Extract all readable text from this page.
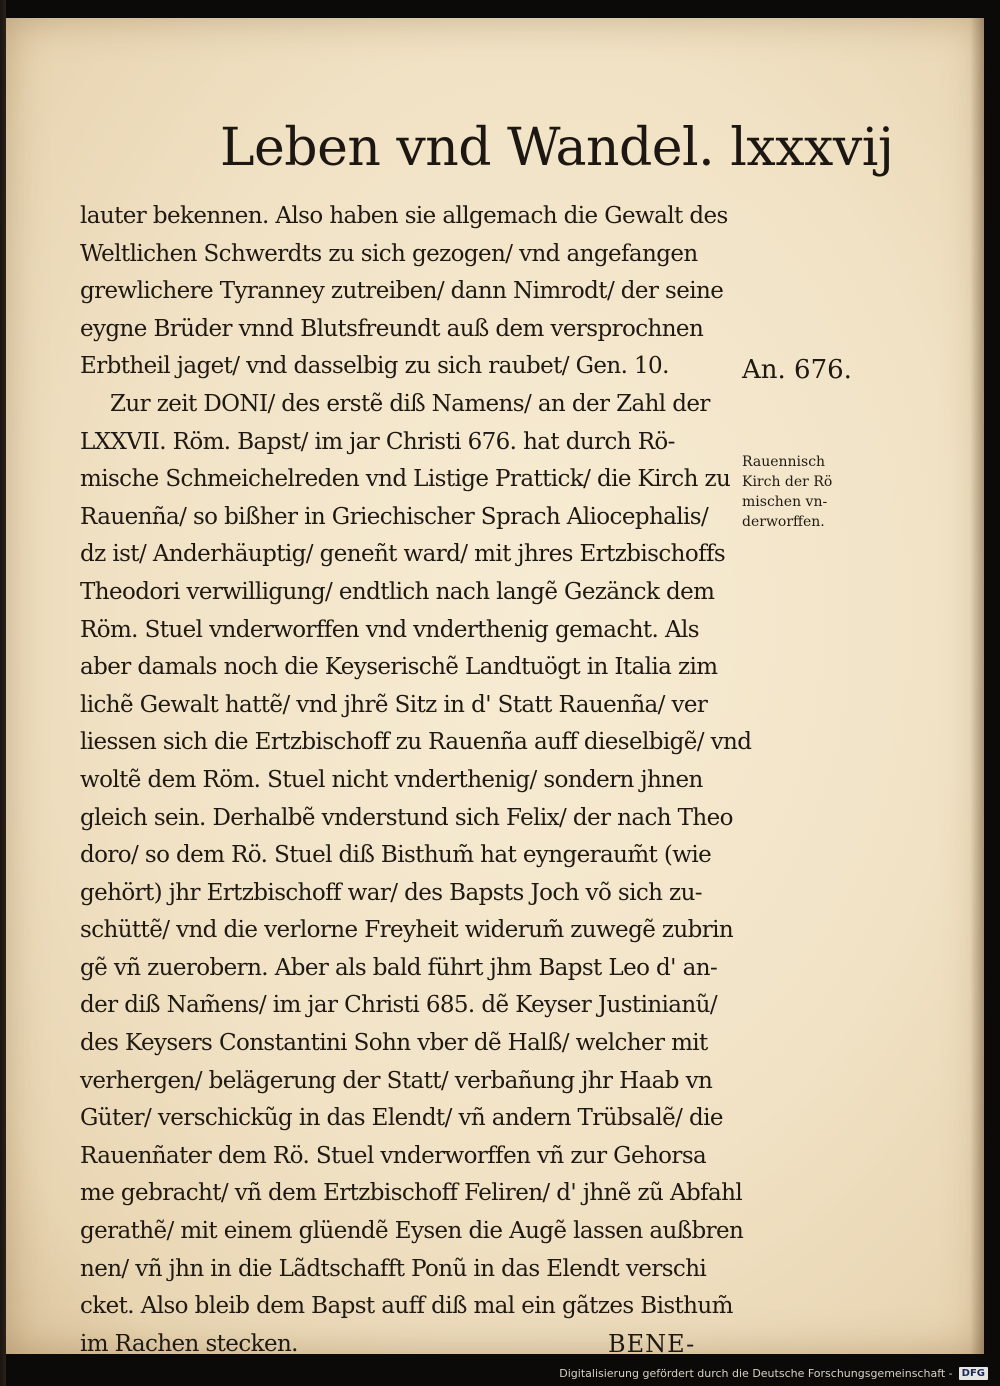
Leben vnd Wandel. lxxxvij
lauter bekennen. Also haben sie allgemach die Gewalt des
Weltlichen Schwerdts zu sich gezogen/ vnd angefangen
grewlichere Tyranney zutreiben/ dann Nimrodt/ der seine
eygne Brüder vnnd Blutsfreundt auß dem versprochnen
Erbtheil jaget/ vnd dasselbig zu sich raubet/ Gen. 10.
Zur zeit DONI/ des erstẽ diß Namens/ an der Zahl der
LXXVII. Röm. Bapst/ im jar Christi 676. hat durch Rö-
mische Schmeichelreden vnd Listige Prattick/ die Kirch zu
Rauenña/ so bißher in Griechischer Sprach Aliocephalis/
dz ist/ Anderhäuptig/ geneñt ward/ mit jhres Ertzbischoffs
Theodori verwilligung/ endtlich nach langẽ Gezänck dem
Röm. Stuel vnderworffen vnd vnderthenig gemacht. Als
aber damals noch die Keyserischẽ Landtuögt in Italia zim
lichẽ Gewalt hattẽ/ vnd jhrẽ Sitz in d' Statt Rauenña/ ver
liessen sich die Ertzbischoff zu Rauenña auff dieselbigẽ/ vnd
woltẽ dem Röm. Stuel nicht vnderthenig/ sondern jhnen
gleich sein. Derhalbẽ vnderstund sich Felix/ der nach Theo
doro/ so dem Rö. Stuel diß Bisthum̃ hat eyngeraum̃t (wie
gehört) jhr Ertzbischoff war/ des Bapsts Joch võ sich zu-
schüttẽ/ vnd die verlorne Freyheit widerum̃ zuwegẽ zubrin
gẽ vñ zuerobern. Aber als bald führt jhm Bapst Leo d' an-
der diß Nam̃ens/ im jar Christi 685. dẽ Keyser Justinianũ/
des Keysers Constantini Sohn vber dẽ Halß/ welcher mit
verhergen/ belägerung der Statt/ verbañung jhr Haab vn
Güter/ verschickũg in das Elendt/ vñ andern Trübsalẽ/ die
Rauenñater dem Rö. Stuel vnderworffen vñ zur Gehorsa
me gebracht/ vñ dem Ertzbischoff Feliren/ d' jhnẽ zũ Abfahl
gerathẽ/ mit einem glüendẽ Eysen die Augẽ lassen außbren
nen/ vñ jhn in die Lãdtschafft Ponũ in das Elendt verschi
cket. Also bleib dem Bapst auff diß mal ein gãtzes Bisthum̃
im Rachen stecken.	BENE-
An. 676.
Rauennisch
Kirch der Rö
mischen vn-
derworffen.
Digitalisierung gefördert durch die Deutsche Forschungsgemeinschaft - DFG
